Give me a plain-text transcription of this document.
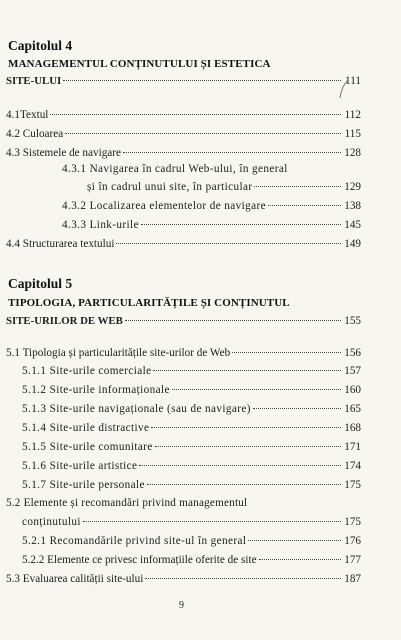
Capitolul 4
MANAGEMENTUL CONȚINUTULUI ȘI ESTETICA
SITE-ULUI	111
4.1Textul	112
4.2 Culoarea	115
4.3 Sistemele de navigare	128
4.3.1 Navigarea în cadrul Web-ului, în general
și în cadrul unui site, în particular	129
4.3.2 Localizarea elementelor de navigare	138
4.3.3 Link-urile	145
4.4 Structurarea textului	149
Capitolul 5
TIPOLOGIA, PARTICULARITĂȚILE ȘI CONȚINUTUL
SITE-URILOR DE WEB	155
5.1 Tipologia și particularitățile site-urilor de Web	156
5.1.1 Site-urile comerciale	157
5.1.2 Site-urile informaționale	160
5.1.3 Site-urile navigaționale (sau de navigare)	165
5.1.4 Site-urile distractive	168
5.1.5 Site-urile comunitare	171
5.1.6 Site-urile artistice	174
5.1.7 Site-urile personale	175
5.2 Elemente și recomandări privind managementul
conținutului	175
5.2.1 Recomandările privind site-ul în general	176
5.2.2 Elemente ce privesc informațiile oferite de site	177
5.3 Evaluarea calității site-ului	187
9
